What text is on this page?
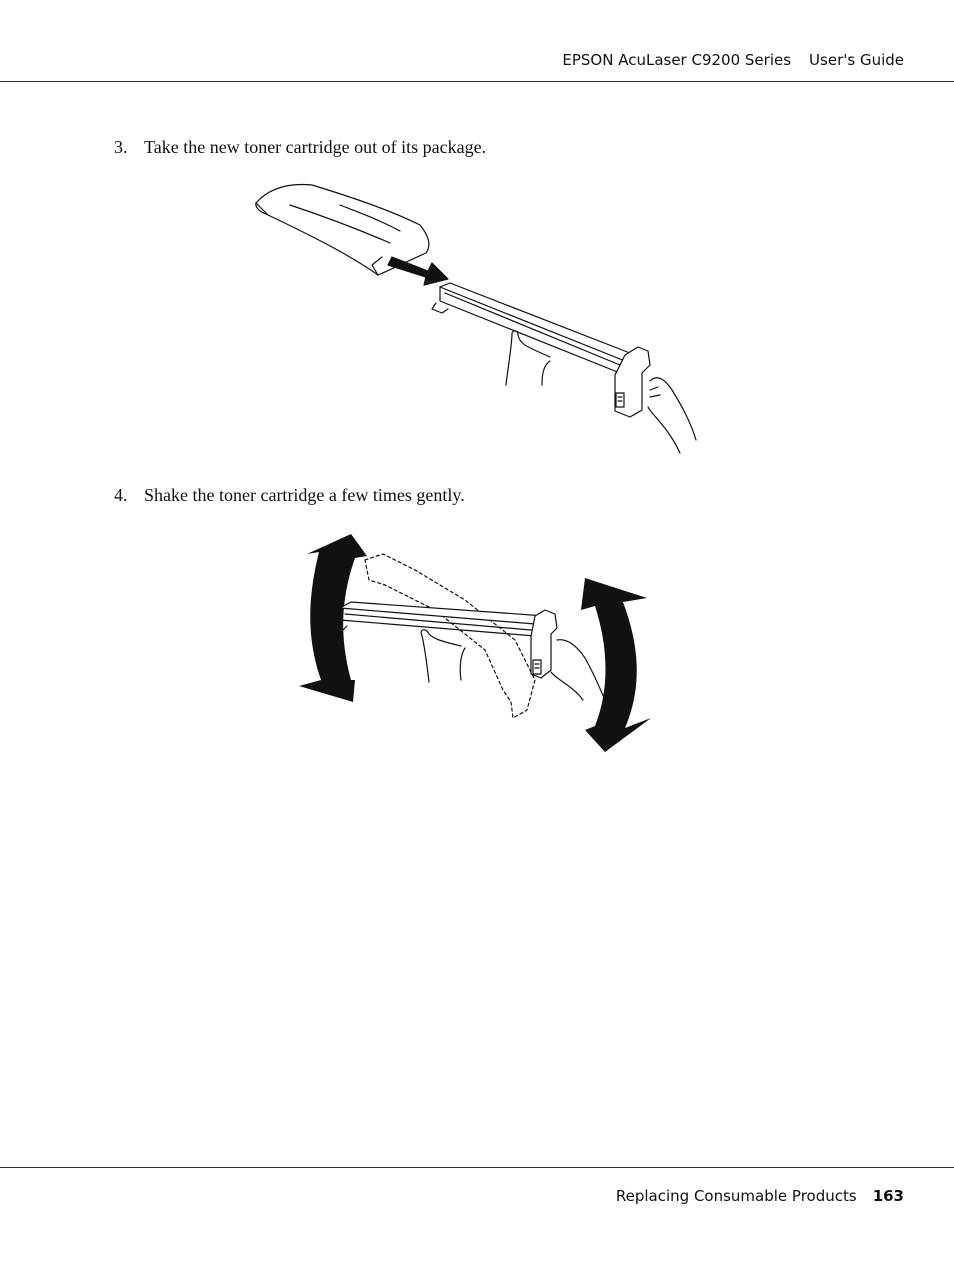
EPSON AcuLaser C9200 Series User's Guide
3. Take the new toner cartridge out of its package.
4. Shake the toner cartridge a few times gently.
Replacing Consumable Products 163
